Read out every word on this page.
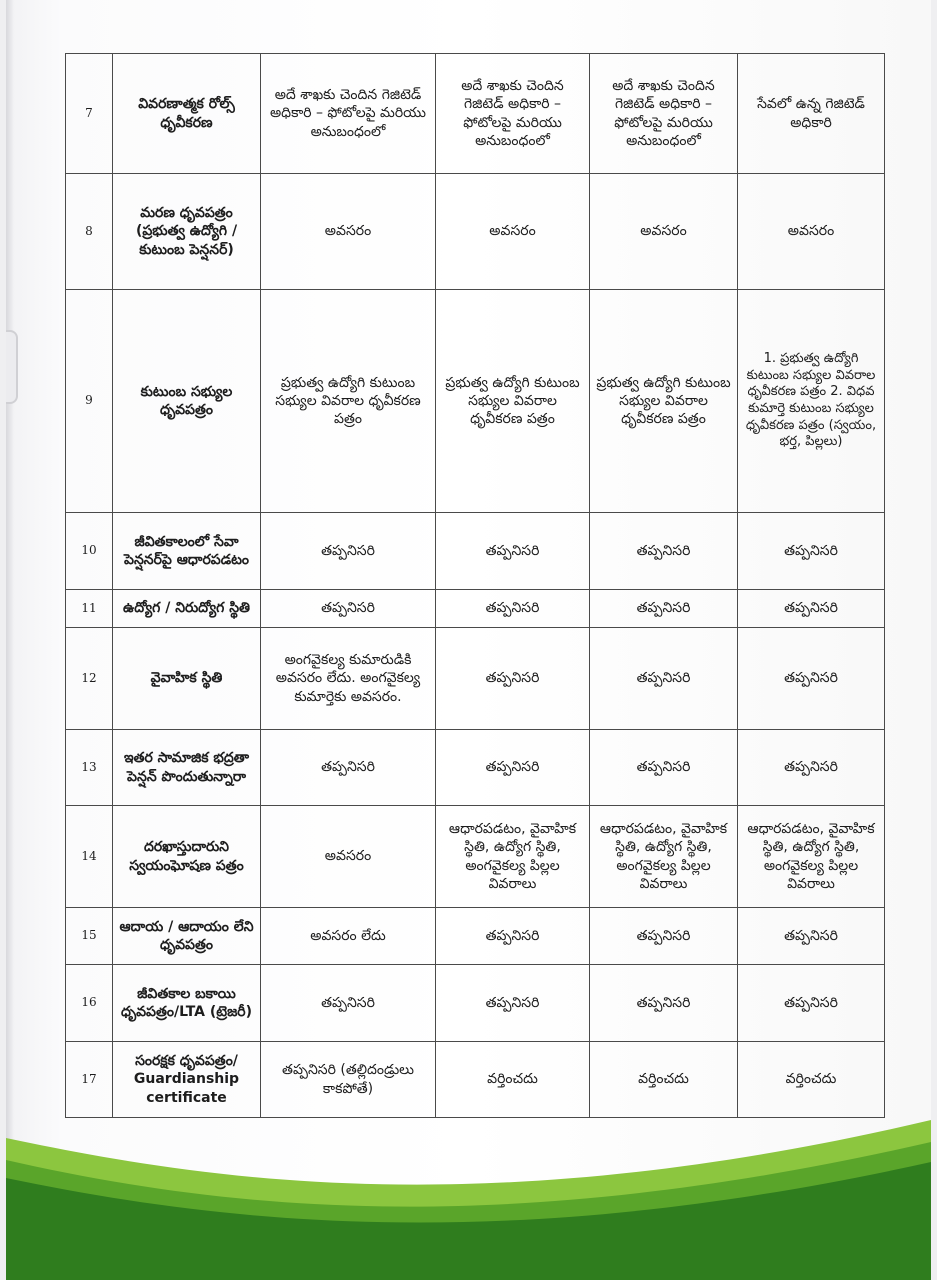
7	వివరణాత్మక రోల్స్ ధృవీకరణ	అదే శాఖకు చెందిన గెజిటెడ్ అధికారి – ఫోటోలపై మరియు అనుబంధంలో	అదే శాఖకు చెందిన గెజిటెడ్ అధికారి – ఫోటోలపై మరియు అనుబంధంలో	అదే శాఖకు చెందిన గెజిటెడ్ అధికారి – ఫోటోలపై మరియు అనుబంధంలో	సేవలో ఉన్న గెజిటెడ్ అధికారి
8	మరణ ధృవపత్రం (ప్రభుత్వ ఉద్యోగి / కుటుంబ పెన్షనర్)	అవసరం	అవసరం	అవసరం	అవసరం
9	కుటుంబ సభ్యుల ధృవపత్రం	ప్రభుత్వ ఉద్యోగి కుటుంబ సభ్యుల వివరాల ధృవీకరణ పత్రం	ప్రభుత్వ ఉద్యోగి కుటుంబ సభ్యుల వివరాల ధృవీకరణ పత్రం	ప్రభుత్వ ఉద్యోగి కుటుంబ సభ్యుల వివరాల ధృవీకరణ పత్రం	1. ప్రభుత్వ ఉద్యోగి కుటుంబ సభ్యుల వివరాల ధృవీకరణ పత్రం 2. విధవ కుమార్తె కుటుంబ సభ్యుల ధృవీకరణ పత్రం (స్వయం, భర్త, పిల్లలు)
10	జీవితకాలంలో సేవా పెన్షనర్‌పై ఆధారపడటం	తప్పనిసరి	తప్పనిసరి	తప్పనిసరి	తప్పనిసరి
11	ఉద్యోగ / నిరుద్యోగ స్థితి	తప్పనిసరి	తప్పనిసరి	తప్పనిసరి	తప్పనిసరి
12	వైవాహిక స్థితి	అంగవైకల్య కుమారుడికి అవసరం లేదు. అంగవైకల్య కుమార్తెకు అవసరం.	తప్పనిసరి	తప్పనిసరి	తప్పనిసరి
13	ఇతర సామాజిక భద్రతా పెన్షన్ పొందుతున్నారా	తప్పనిసరి	తప్పనిసరి	తప్పనిసరి	తప్పనిసరి
14	దరఖాస్తుదారుని స్వయంఘోషణ పత్రం	అవసరం	ఆధారపడటం, వైవాహిక స్థితి, ఉద్యోగ స్థితి, అంగవైకల్య పిల్లల వివరాలు	ఆధారపడటం, వైవాహిక స్థితి, ఉద్యోగ స్థితి, అంగవైకల్య పిల్లల వివరాలు	ఆధారపడటం, వైవాహిక స్థితి, ఉద్యోగ స్థితి, అంగవైకల్య పిల్లల వివరాలు
15	ఆదాయ / ఆదాయం లేని ధృవపత్రం	అవసరం లేదు	తప్పనిసరి	తప్పనిసరి	తప్పనిసరి
16	జీవితకాల బకాయి ధృవపత్రం/LTA (ట్రెజరీ)	తప్పనిసరి	తప్పనిసరి	తప్పనిసరి	తప్పనిసరి
17	సంరక్షక ధృవపత్రం/ Guardianship certificate	తప్పనిసరి (తల్లిదండ్రులు కాకపోతే)	వర్తించదు	వర్తించదు	వర్తించదు
